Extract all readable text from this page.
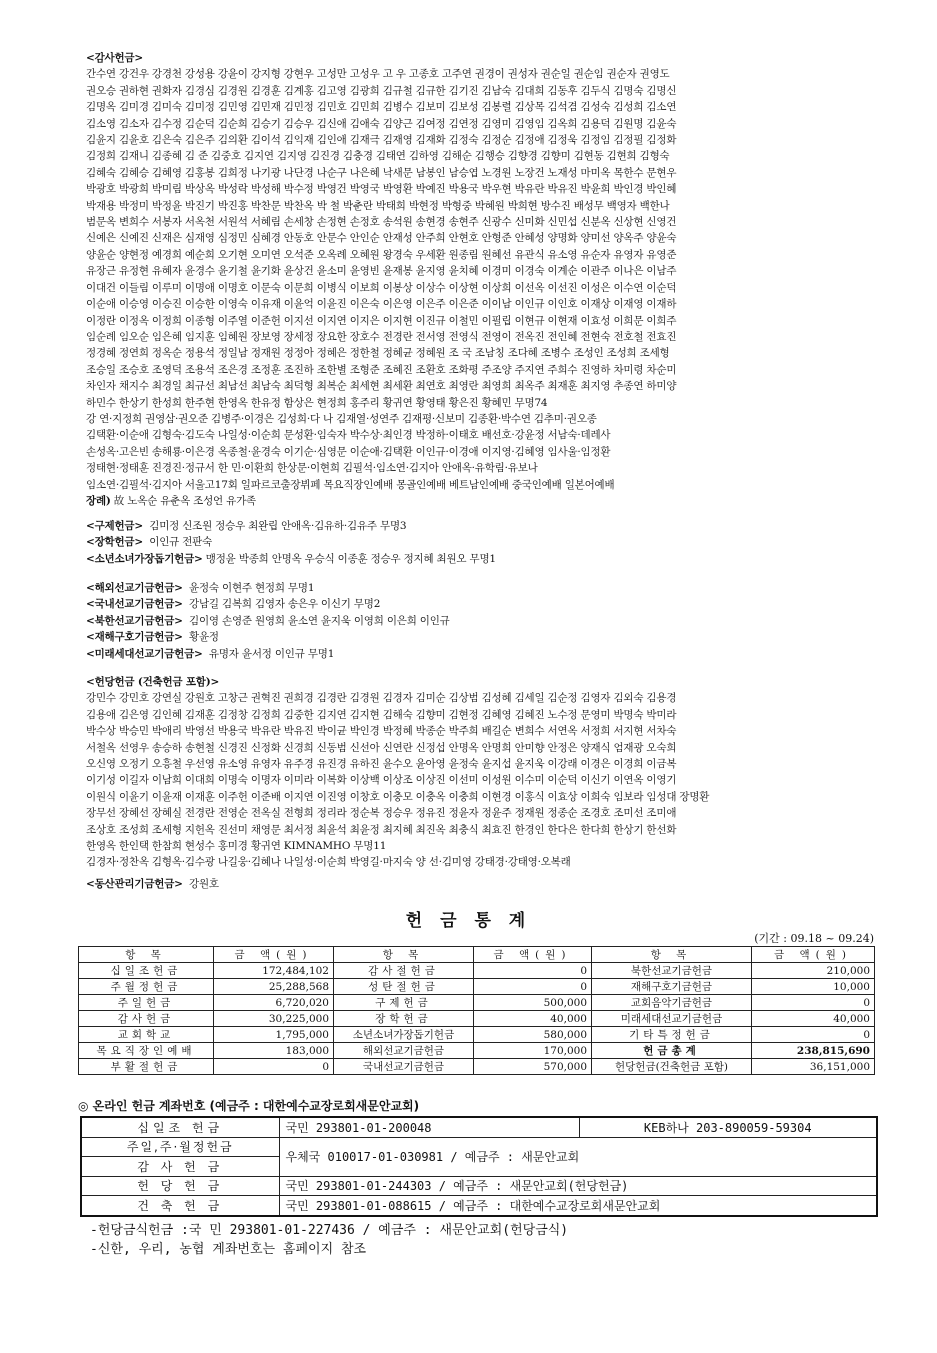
<감사헌금>
간수연 강건우 강경천 강성용 강윤이 강지형 강현우 고성만 고성우 고 우 고종호 고주연 권경이 권성자 권순일 권순임 권순자 권영도
권오승 권하현 권화자 김경심 김경원 김경훈 김계홍 김고영 김광희 김규철 김규한 김기진 김남숙 김대희 김동후 김두식 김명숙 김명신
김명옥 김미경 김미숙 김미정 김민영 김민재 김민정 김민호 김민희 김병수 김보미 김보성 김봉렬 김상목 김석겸 김성숙 김성희 김소연
김소영 김소자 김수정 김순덕 김순희 김승기 김승우 김신애 김애숙 김양근 김여정 김연정 김영미 김영임 김옥희 김용덕 김원명 김윤숙
김윤지 김윤호 김은숙 김은주 김의환 김이석 김익재 김인애 김재극 김재영 김재화 김정숙 김정순 김정애 김정욱 김정임 김정필 김정화
김정희 김재니 김종혜 김 준 김중호 김지연 김지영 김진경 김충경 김태연 김하영 김해순 김행승 김향경 김향미 김현동 김현희 김형숙
김혜숙 김혜승 김혜영 김홍봉 김희정 나기광 나단경 나순구 나은혜 낙새문 남봉인 남승엽 노경원 노장건 노재성 마미옥 목한수 문현우
박광호 박광희 박미림 박상옥 박성락 박성해 박수정 박영건 박영국 박영환 박예진 박용국 박우현 박유란 박유진 박윤희 박인경 박인혜
박재용 박정미 박정윤 박진기 박진홍 박찬문 박찬옥 박 철 박춘란 박태희 박현정 박형중 박혜원 박희현 방수진 배성무 백영자 백한나
범문옥 변희수 서봉자 서옥천 서원석 서혜림 손세창 손정현 손정호 송석원 송현경 송현주 신광수 신미화 신민섭 신분옥 신상현 신영건
신예은 신예진 신재은 심재영 심정민 심혜경 안동호 안문수 안인순 안재성 안주희 안현호 안형준 안혜성 양명화 양미선 양옥주 양윤숙
양윤순 양현정 예경희 예순희 오기현 오미연 오석준 오옥례 오혜원 왕경숙 우세환 원종림 원혜선 유관식 유소영 유순자 유영자 유영준
유장근 유정현 유혜자 윤경수 윤기철 윤기화 윤상건 윤소미 윤영빈 윤재봉 윤지영 윤치혜 이경미 이경숙 이계순 이관주 이나은 이남주
이대건 이들림 이루미 이명애 이명호 이문숙 이문희 이병식 이보희 이봉상 이상수 이상현 이상희 이선옥 이선진 이성은 이수연 이순덕
이순애 이승영 이승진 이승한 이영숙 이유재 이윤억 이윤진 이은숙 이은영 이은주 이은준 이이남 이인규 이인호 이재상 이재영 이재하
이정란 이정옥 이정희 이종형 이주열 이준헌 이지선 이지연 이지은 이지현 이진규 이철민 이필립 이현규 이현재 이효성 이희문 이희주
임순례 임오순 임은혜 임지훈 임혜원 장보영 장세정 장요한 장호수 전경란 전서영 전영식 전영이 전옥진 전인혜 전현숙 전호철 전효진
정경혜 정연희 정옥순 정용석 정일남 정재원 정정아 정혜은 정한철 정혜균 정혜원 조 국 조남칭 조다혜 조병수 조성인 조성희 조세형
조승일 조승호 조영덕 조용석 조은경 조정훈 조진하 조한별 조형준 조혜진 조환호 조화평 주조양 주지연 주희수 진영하 차미령 차순미
차인자 채지수 최경일 최규선 최남선 최남숙 최덕형 최복순 최세현 최세환 최연호 최영란 최영희 최옥주 최재훈 최지영 추종연 하미양
하민수 한상기 한성희 한주현 한영옥 한유정 함상은 현정희 홍주리 황귀연 황영태 황은진 황혜민 무명74
강 연·지정희 권영삼·권오준 김병주·이경은 김성희·다 나 김재열·성연주 김재평·신보미 김종환·박수연 김추미·권오종
김택환·이순애 김형숙·김도숙 나일성·이순희 문성환·임숙자 박수상·최인경 박정하·이태호 배선호·강윤정 서남숙·데레사
손성옥·고은빈 송해룡·이은경 옥종철·윤경숙 이기순·심영문 이순애·김택환 이인규·이경애 이지영·김혜영 임사울·임정환
정태현·정태훈 진경진·정규서 한 민·이환희 한상문·이현희 김필석·임소연·김지아 안애옥·유학림·유보나
임소연·김필석·김지아 서울고17회 일파르코출장뷔페 목요직장인예배 몽골인예배 베트남인예배 중국인예배 일본어예배
장례) 故 노옥순 유춘옥 조성언 유가족
<구제헌금> 김미정 신조원 정승우 최완립 안애옥·김유하·김유주 무명3
<장학헌금> 이인규 전판숙
<소년소녀가장돕기헌금> 맹정윤 박종희 안명옥 우승식 이종훈 정승우 정지혜 최원오 무명1
<해외선교기금헌금> 윤정숙 이현주 현정희 무명1
<국내선교기금헌금> 강남길 김복희 김영자 송은우 이신기 무명2
<북한선교기금헌금> 김이영 손영준 원영희 윤소연 윤지욱 이영희 이은희 이인규
<재해구호기금헌금> 황윤정
<미래세대선교기금헌금> 유명자 윤서정 이인규 무명1
<헌당헌금 (건축헌금 포함)>
강민수 강민호 강연실 강원호 고창근 권혁진 권희경 김경란 김경원 김경자 김미순 김상범 김성혜 김세일 김순정 김영자 김외숙 김용경
김용애 김은영 김인혜 김재훈 김정창 김정희 김중한 김지연 김지현 김해숙 김향미 김현정 김혜영 김혜진 노수정 문영미 박명숙 박미라
박수상 박승민 박애리 박영선 박용국 박유란 박유진 박이균 박인경 박정혜 박종순 박주희 배길순 변희수 서연옥 서정희 서지현 서차숙
서철옥 선영우 송승하 송현철 신경진 신정화 신경희 신동범 신선아 신연란 신정섭 안명옥 안명희 안미향 안정은 양재식 엄재광 오숙희
오신영 오정기 오흥철 우선영 유소영 유영자 유주경 유진경 유하진 윤수오 윤아영 윤정숙 윤지섭 윤지욱 이강래 이경은 이경희 이금복
이기성 이길자 이남희 이대희 이명숙 이명자 이미라 이복화 이상백 이상조 이상진 이선미 이성원 이수미 이순덕 이신기 이연옥 이영기
이원식 이윤기 이윤재 이재훈 이주헌 이준배 이지연 이진영 이창호 이충모 이충옥 이충희 이현경 이홍식 이효상 이희숙 임보라 임성대 장명환
장무선 장혜선 장혜실 전경란 전영순 전옥실 전형희 정리라 정순복 정승우 정유진 정윤자 정윤주 정재원 정종순 조경호 조미선 조미애
조상호 조성희 조세형 지헌옥 진선미 채영문 최서정 최윤석 최윤정 최지혜 최진옥 최충식 최효진 한경인 한다은 한다희 한상기 한선화
한영옥 한인택 한참희 현성수 홍미경 황귀연 KIMNAMHO 무명11
김경자·정찬옥 김형옥·김수광 나길웅·김혜나 나일성·이순희 박영길·마지숙 양 선·김미영 강태경·강태영·오복래
<동산관리기금헌금> 강원호
헌 금 통 계
(기간 : 09.18 ~ 09.24)
항 목	금 액(원)	항 목	금 액(원)	항 목	금 액(원)
십일조헌금	172,484,102	감사절헌금	0	북한선교기금헌금	210,000
주월정헌금	25,288,568	성탄절헌금	0	재해구호기금헌금	10,000
주일헌금	6,720,020	구제헌금	500,000	교회음악기금헌금	0
감사헌금	30,225,000	장학헌금	40,000	미래세대선교기금헌금	40,000
교회학교	1,795,000	소년소녀가장돕기헌금	580,000	기타특정헌금	0
목요직장인예배	183,000	해외선교기금헌금	170,000	헌금총계	238,815,690
부활절헌금	0	국내선교기금헌금	570,000	헌당헌금(건축헌금 포함)	36,151,000
◎ 온라인 헌금 계좌번호 (예금주 : 대한예수교장로회새문안교회)
십일조 헌금	국민 293801-01-200048	KEB하나 203-890059-59304
주일,주·월정헌금	우체국 010017-01-030981 / 예금주 : 새문안교회	
감 사 헌 금		
헌 당 헌 금	국민 293801-01-244303 / 예금주 : 새문안교회(헌당헌금)	
건 축 헌 금	국민 293801-01-088615 / 예금주 : 대한예수교장로회새문안교회	
-헌당금식헌금 :국 민 293801-01-227436 / 예금주 : 새문안교회(헌당금식)
-신한, 우리, 농협 계좌번호는 홈페이지 참조
